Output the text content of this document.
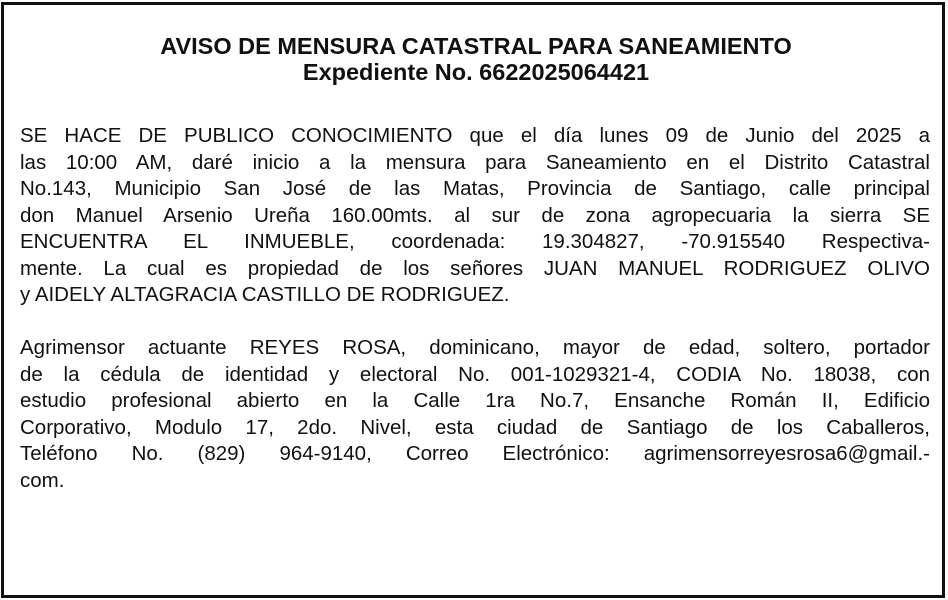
AVISO DE MENSURA CATASTRAL PARA SANEAMIENTO
Expediente No. 6622025064421

SE HACE DE PUBLICO CONOCIMIENTO que el día lunes 09 de Junio del 2025 a
las 10:00 AM, daré inicio a la mensura para Saneamiento en el Distrito Catastral
No.143, Municipio San José de las Matas, Provincia de Santiago, calle principal
don Manuel Arsenio Ureña 160.00mts. al sur de zona agropecuaria la sierra SE
ENCUENTRA EL INMUEBLE, coordenada: 19.304827, -70.915540 Respectiva-
mente. La cual es propiedad de los señores JUAN MANUEL RODRIGUEZ OLIVO
y AIDELY ALTAGRACIA CASTILLO DE RODRIGUEZ.

Agrimensor actuante REYES ROSA, dominicano, mayor de edad, soltero, portador
de la cédula de identidad y electoral No. 001-1029321-4, CODIA No. 18038, con
estudio profesional abierto en la Calle 1ra No.7, Ensanche Román II, Edificio
Corporativo, Modulo 17, 2do. Nivel, esta ciudad de Santiago de los Caballeros,
Teléfono No. (829) 964-9140, Correo Electrónico: agrimensorreyesrosa6@gmail.-
com.
